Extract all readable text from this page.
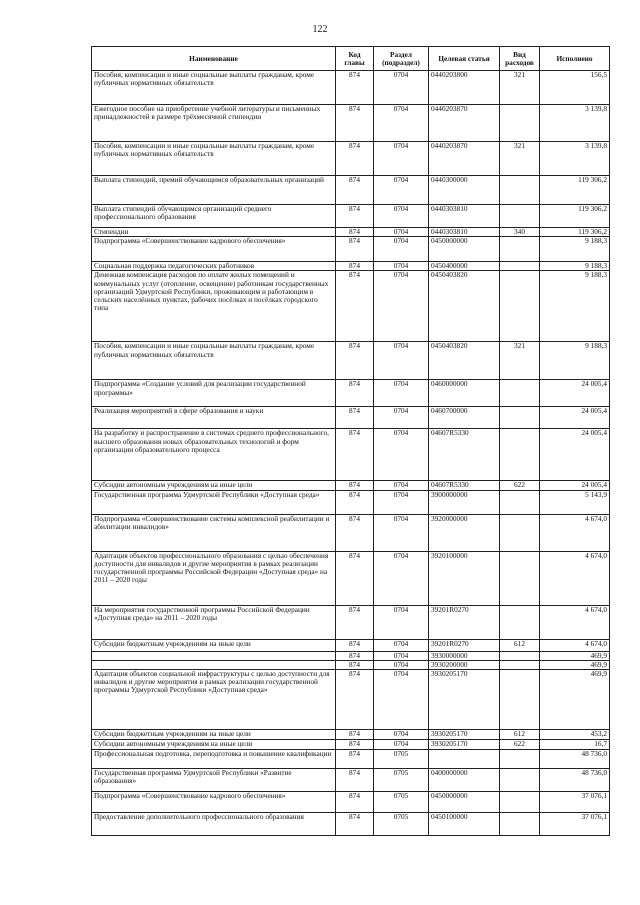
122
Наименование	Код главы	Раздел (подраздел)	Целевая статья	Вид расходов	Исполнено
Пособия, компенсации и иные социальные выплаты гражданам, кроме публичных нормативных обязательств	874	0704	0440203800	321	156,5
Ежегодное пособие на приобретение учебной литературы и письменных принадлежностей в размере трёхмесячной стипендии	874	0704	0440203870		3 139,8
Пособия, компенсации и иные социальные выплаты гражданам, кроме публичных нормативных обязательств	874	0704	0440203870	321	3 139,8
Выплата стипендий, премий обучающимся образовательных организаций	874	0704	0440300000		119 306,2
Выплата стипендий обучающимся организаций среднего профессионального образования	874	0704	0440303810		119 306,2
Стипендии	874	0704	0440303810	340	119 306,2
Подпрограмма «Совершенствование кадрового обеспечения»	874	0704	0450000000		9 188,3
Социальная поддержка педагогических работников	874	0704	0450400000		9 188,3
Денежная компенсация расходов по оплате жилых помещений и коммунальных услуг (отопление, освещение) работникам государственных организаций Удмуртской Республики, проживающим и работающим в сельских населённых пунктах, рабочих посёлках и посёлках городского типа	874	0704	0450403820		9 188,3
Пособия, компенсации и иные социальные выплаты гражданам, кроме публичных нормативных обязательств	874	0704	0450403820	321	9 188,3
Подпрограмма «Создание условий для реализации государственной программы»	874	0704	0460000000		24 005,4
Реализация мероприятий в сфере образования и науки	874	0704	0460700000		24 005,4
На разработку и распространение в системах среднего профессионального, высшего образования новых образовательных технологий и форм организации образовательного процесса	874	0704	04607R5330		24 005,4
Субсидии автономным учреждениям на иные цели	874	0704	04607R5330	622	24 005,4
Государственная программа Удмуртской Республики «Доступная среда»	874	0704	3900000000		5 143,9
Подпрограмма «Совершенствование системы комплексной реабилитации и абилитации инвалидов»	874	0704	3920000000		4 674,0
Адаптация объектов профессионального образования с целью обеспечения доступности для инвалидов и другие мероприятия в рамках реализации государственной программы Российской Федерации «Доступная среда» на 2011 – 2020 годы	874	0704	3920100000		4 674,0
На мероприятия государственной программы Российской Федерации «Доступная среда» на 2011 – 2020 годы	874	0704	39201R0270		4 674,0
Субсидии бюджетным учреждениям на иные цели	874	0704	39201R0270	612	4 674,0
	874	0704	3930000000		469,9
	874	0704	3930200000		469,9
Адаптация объектов социальной инфраструктуры с целью доступности для инвалидов и другие мероприятия в рамках реализации государственной программы Удмуртской Республики «Доступная среда»	874	0704	3930205170		469,9
Субсидии бюджетным учреждениям на иные цели	874	0704	3930205170	612	453,2
Субсидии автономным учреждениям на иные цели	874	0704	3930205170	622	16,7
Профессиональная подготовка, переподготовка и повышение квалификации	874	0705			48 736,0
Государственная программа Удмуртской Республики «Развитие образования»	874	0705	0400000000		48 736,0
Подпрограмма «Совершенствование кадрового обеспечения»	874	0705	0450000000		37 076,1
Предоставление дополнительного профессионального образования	874	0705	0450100000		37 076,1
